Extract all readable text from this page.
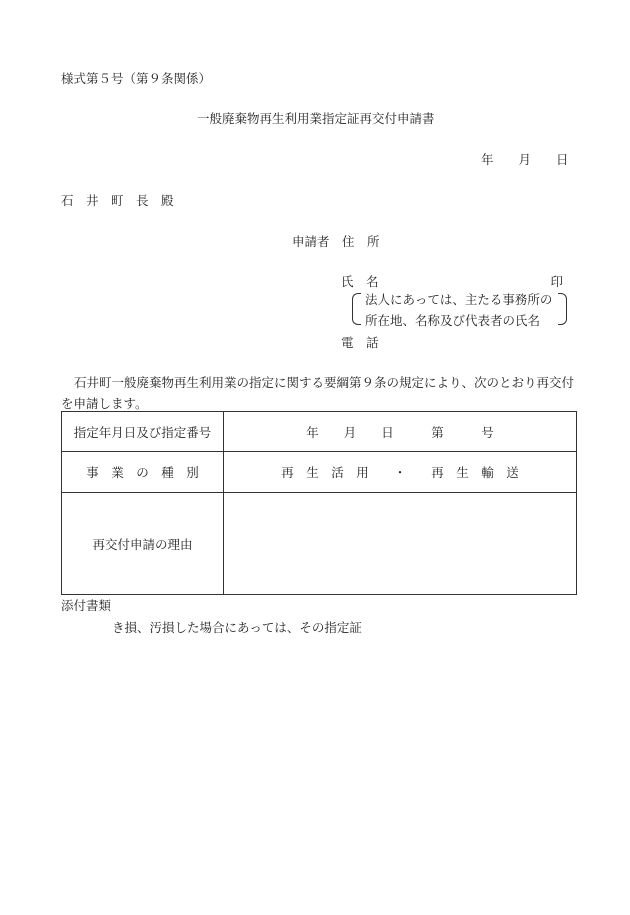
様式第５号（第９条関係）
一般廃棄物再生利用業指定証再交付申請書
年　　月　　日
石　井　町　長　殿
申請者　住　所
氏　名	印
法人にあっては、主たる事務所の
所在地、名称及び代表者の氏名
電　話
石井町一般廃棄物再生利用業の指定に関する要綱第９条の規定により、次のとおり再交付を申請します。
指定年月日及び指定番号	年　　月　　日　　　第　　　号
事　業　の　種　別	再　生　活　用　　・　　再　生　輸　送
再交付申請の理由	
添付書類
き損、汚損した場合にあっては、その指定証
